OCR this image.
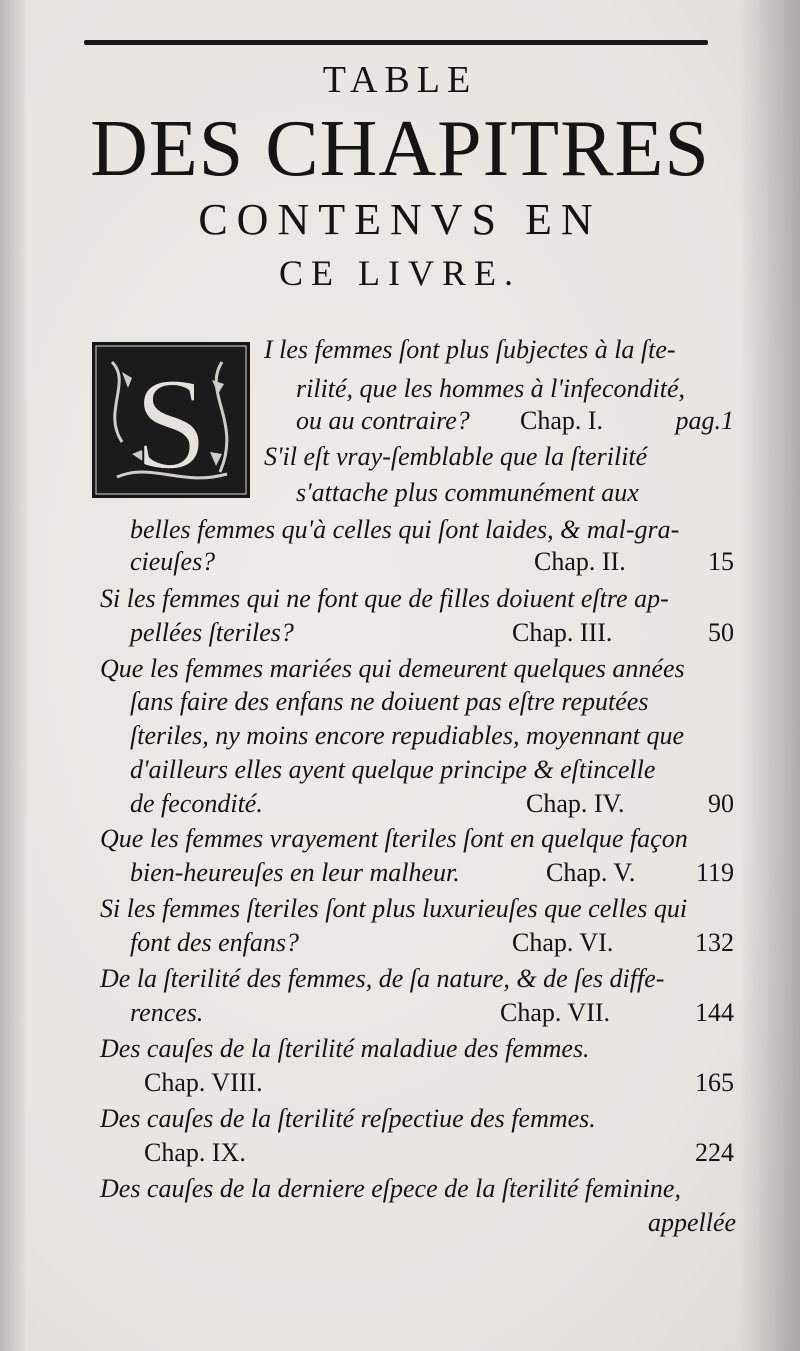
TABLE
DES CHAPITRES
CONTENVS EN
CE LIVRE.
S
I les femmes ſont plus ſubjectes à la ſte-
rilité, que les hommes à l'infecondité,
ou au contraire? Chap. I.	pag.1
S'il eſt vray-ſemblable que la ſterilité
s'attache plus communément aux
belles femmes qu'à celles qui ſont laides, & mal-gra-
cieuſes?	Chap. II.	15
Si les femmes qui ne font que de filles doiuent eſtre ap-
pellées ſteriles?	Chap. III.	50
Que les femmes mariées qui demeurent quelques années
ſans faire des enfans ne doiuent pas eſtre reputées
ſteriles, ny moins encore repudiables, moyennant que
d'ailleurs elles ayent quelque principe & eſtincelle
de fecondité.	Chap. IV.	90
Que les femmes vrayement ſteriles ſont en quelque façon
bien-heureuſes en leur malheur.	Chap. V. 119
Si les femmes ſteriles ſont plus luxurieuſes que celles qui
font des enfans?	Chap. VI.	132
De la ſterilité des femmes, de ſa nature, & de ſes diffe-
rences.	Chap. VII.	144
Des cauſes de la ſterilité maladiue des femmes.
Chap. VIII.	165
Des cauſes de la ſterilité reſpectiue des femmes.
Chap. IX.	224
Des cauſes de la derniere eſpece de la ſterilité feminine,
appellée
